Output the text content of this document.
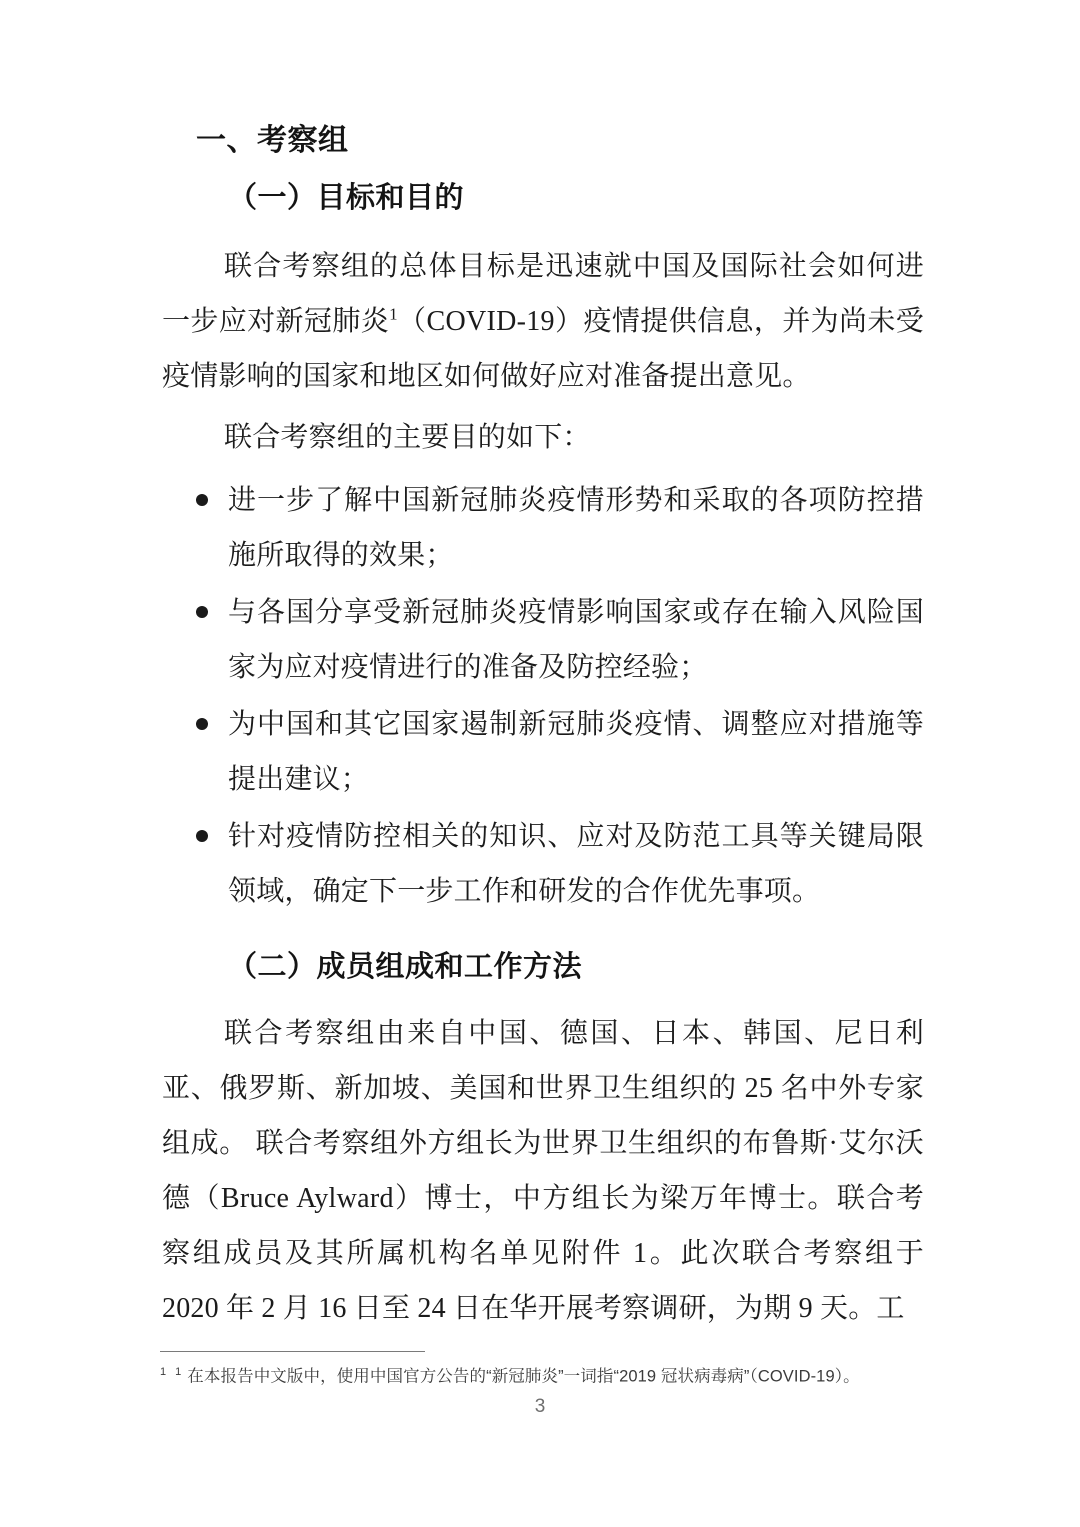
一、考察组
（一）目标和目的

联合考察组的总体目标是迅速就中国及国际社会如何进一步应对新冠肺炎$^1$（COVID-19）疫情提供信息，并为尚未受疫情影响的国家和地区如何做好应对准备提出意见。

联合考察组的主要目的如下：

进一步了解中国新冠肺炎疫情形势和采取的各项防控措施所取得的效果；
与各国分享受新冠肺炎疫情影响国家或存在输入风险国家为应对疫情进行的准备及防控经验；
为中国和其它国家遏制新冠肺炎疫情、调整应对措施等提出建议；
针对疫情防控相关的知识、应对及防范工具等关键局限领域，确定下一步工作和研发的合作优先事项。
（二）成员组成和工作方法

联合考察组由来自中国、德国、日本、韩国、尼日利亚、俄罗斯、新加坡、美国和世界卫生组织的 25 名中外专家组成。 联合考察组外方组长为世界卫生组织的布鲁斯·艾尔沃德（Bruce Aylward）博士，中方组长为梁万年博士。联合考察组成员及其所属机构名单见附件 1。此次联合考察组于 2020 年 2 月 16 日至 24 日在华开展考察调研，为期 9 天。工

$^{1 1}$ 在本报告中文版中，使用中国官方公告的“新冠肺炎”一词指“2019 冠状病毒病”（COVID-19）。
3
